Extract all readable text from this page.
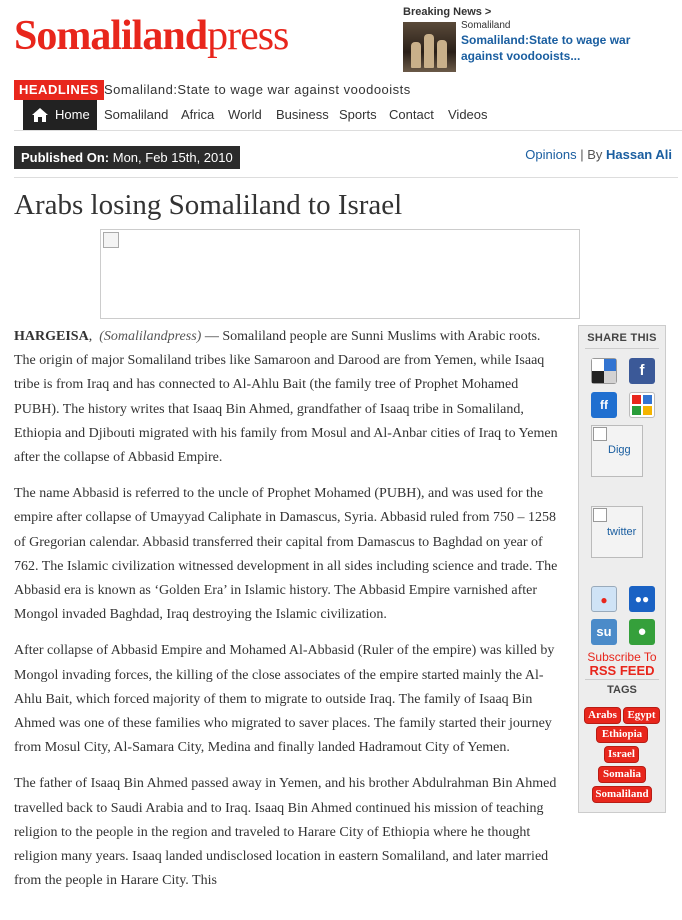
Somalilandpress
Breaking News >
Somaliland
Somaliland:State to wage war against voodooists...
HEADLINES Somaliland:State to wage war against voodooists
Home Somaliland Africa World Business Sports Contact Videos
Published On: Mon, Feb 15th, 2010	Opinions | By Hassan Ali
Arabs losing Somaliland to Israel

HARGEISA,  (Somalilandpress) — Somaliland people are Sunni Muslims with Arabic roots. The origin of major Somaliland tribes like Samaroon and Darood are from Yemen, while Isaaq tribe is from Iraq and has connected to Al-Ahlu Bait (the family tree of Prophet Mohamed PUBH). The history writes that Isaaq Bin Ahmed, grandfather of Isaaq tribe in Somaliland, Ethiopia and Djibouti migrated with his family from Mosul and Al-Anbar cities of Iraq to Yemen after the collapse of Abbasid Empire.

The name Abbasid is referred to the uncle of Prophet Mohamed (PUBH), and was used for the empire after collapse of Umayyad Caliphate in Damascus, Syria. Abbasid ruled from 750 – 1258 of Gregorian calendar. Abbasid transferred their capital from Damascus to Baghdad on year of 762. The Islamic civilization witnessed development in all sides including science and trade. The Abbasid era is known as ‘Golden Era’ in Islamic history. The Abbasid Empire varnished after Mongol invaded Baghdad, Iraq destroying the Islamic civilization.

After collapse of Abbasid Empire and Mohamed Al-Abbasid (Ruler of the empire) was killed by Mongol invading forces, the killing of the close associates of the empire started mainly the Al-Ahlu Bait, which forced majority of them to migrate to outside Iraq. The family of Isaaq Bin Ahmed was one of these families who migrated to saver places. The family started their journey from Mosul City, Al-Samara City, Medina and finally landed Hadramout City of Yemen.

The father of Isaaq Bin Ahmed passed away in Yemen, and his brother Abdulrahman Bin Ahmed travelled back to Saudi Arabia and to Iraq. Isaaq Bin Ahmed continued his mission of teaching religion to the people in the region and traveled to Harare City of Ethiopia where he thought religion many years. Isaaq landed undisclosed location in eastern Somaliland, and later married from the people in Harare City. This

SHARE THIS
f
ff
Digg
twitter
●	●●
su	●
Subscribe To
RSS FEED
TAGS
Arabs Egypt
Ethiopia
Israel
Somalia
Somaliland
